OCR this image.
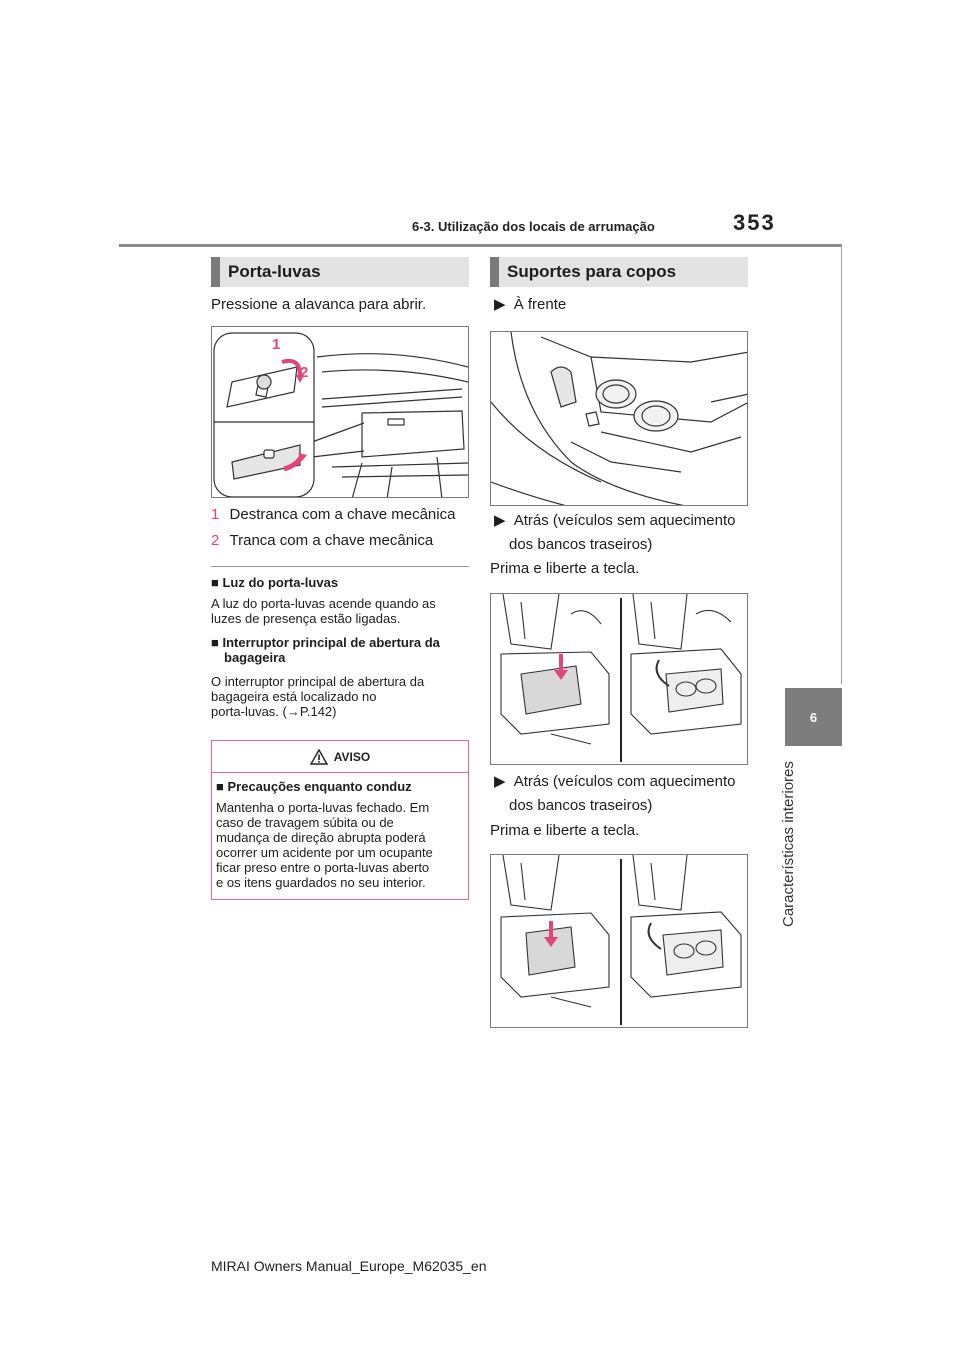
6-3. Utilização dos locais de arrumação	353
6
Características interiores
Porta-luvas
Pressione a alavanca para abrir.
1
2
1 Destranca com a chave mecânica
2 Tranca com a chave mecânica
■ Luz do porta-luvas
A luz do porta-luvas acende quando as
luzes de presença estão ligadas.
■ Interruptor principal de abertura da
bagageira
O interruptor principal de abertura da
bagageira está localizado no
porta-luvas. (→P.142)
AVISO
■ Precauções enquanto conduz
Mantenha o porta-luvas fechado. Em
caso de travagem súbita ou de
mudança de direção abrupta poderá
ocorrer um acidente por um ocupante
ficar preso entre o porta-luvas aberto
e os itens guardados no seu interior.
Suportes para copos
▶ À frente
▶ Atrás (veículos sem aquecimento
dos bancos traseiros)
Prima e liberte a tecla.
▶ Atrás (veículos com aquecimento
dos bancos traseiros)
Prima e liberte a tecla.
MIRAI Owners Manual_Europe_M62035_en
